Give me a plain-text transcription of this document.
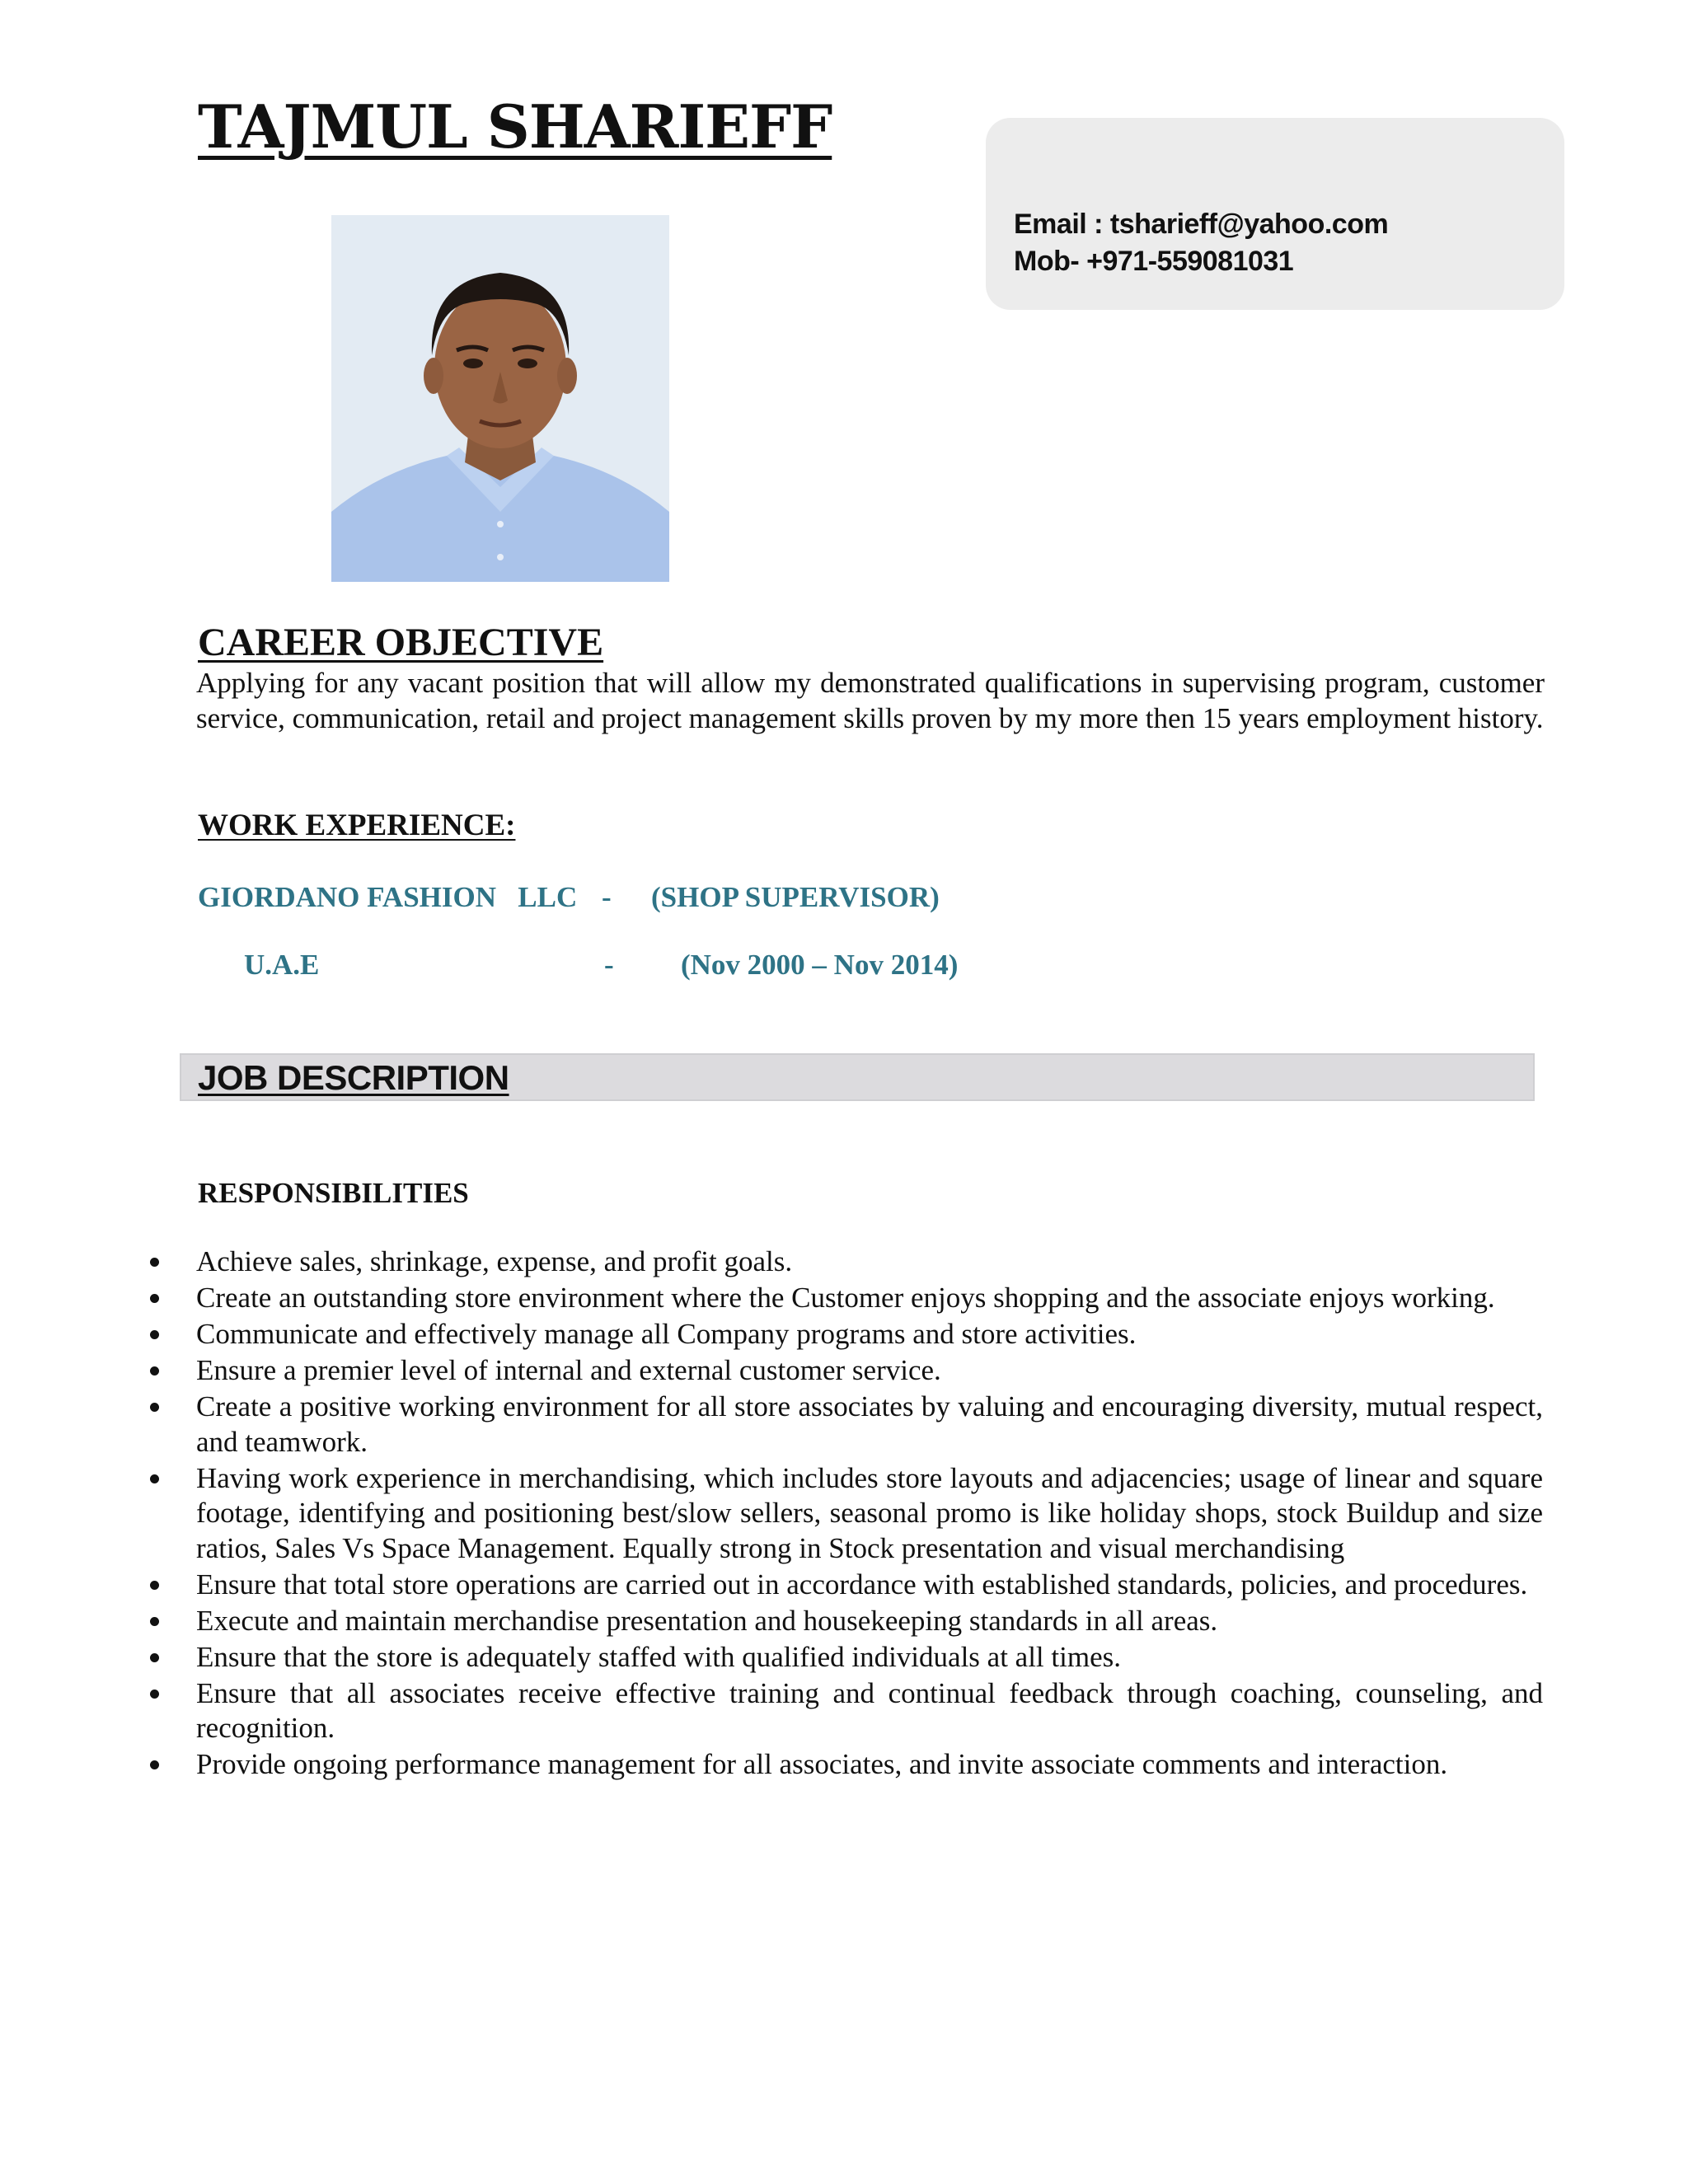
TAJMUL SHARIEFF
Email : tsharieff@yahoo.com
Mob- +971-559081031
CAREER OBJECTIVE

Applying for any vacant position that will allow my demonstrated qualifications in supervising program, customer service, communication, retail and project management skills proven by my more then 15 years employment history.

WORK EXPERIENCE:
GIORDANO FASHION   LLC - (SHOP SUPERVISOR)
U.A.E	- (Nov 2000 – Nov 2014)
JOB DESCRIPTION
RESPONSIBILITIES
Achieve sales, shrinkage, expense, and profit goals.
Create an outstanding store environment where the Customer enjoys shopping and the associate enjoys working.
Communicate and effectively manage all Company programs and store activities.
Ensure a premier level of internal and external customer service.
Create a positive working environment for all store associates by valuing and encouraging diversity, mutual respect, and teamwork.
Having work experience in merchandising, which includes store layouts and adjacencies; usage of linear and square footage, identifying and positioning best/slow sellers, seasonal promo is like holiday shops, stock Buildup and size ratios, Sales Vs Space Management. Equally strong in Stock presentation and visual merchandising
Ensure that total store operations are carried out in accordance with established standards, policies, and procedures.
Execute and maintain merchandise presentation and housekeeping standards in all areas.
Ensure that the store is adequately staffed with qualified individuals at all times.
Ensure that all associates receive effective training and continual feedback through coaching, counseling, and recognition.
Provide ongoing performance management for all associates, and invite associate comments and interaction.
